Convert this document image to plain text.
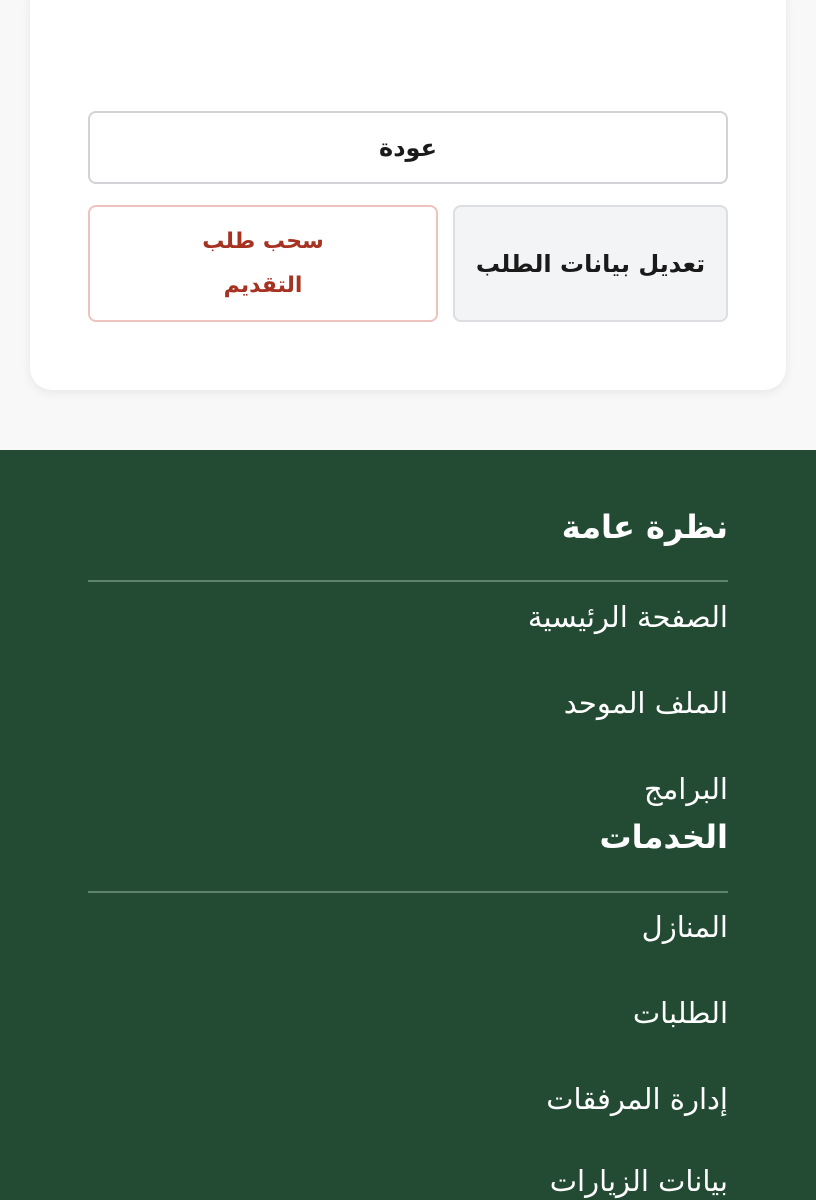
عودة
سحب طلب
التقديم
تعديل بيانات الطلب
نظرة عامة
الصفحة الرئيسية
الملف الموحد
البرامج
الخدمات
المنازل
الطلبات
إدارة المرفقات
بيانات الزيارات
